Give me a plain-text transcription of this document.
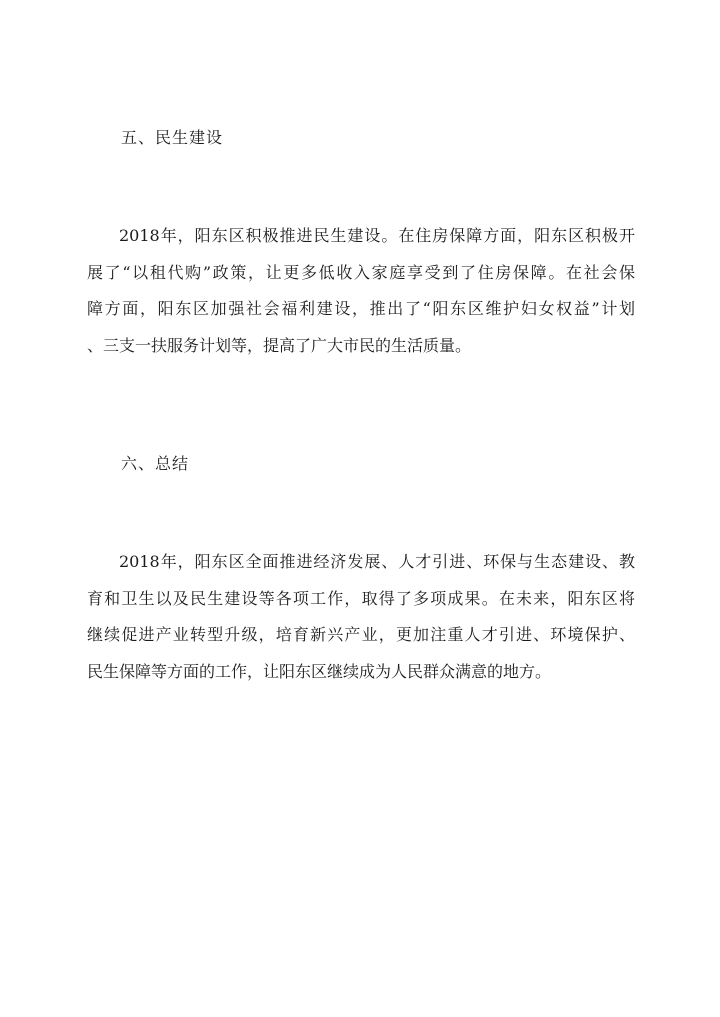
五、民生建设
2018年，阳东区积极推进民生建设。在住房保障方面，阳东区积极开
展了“以租代购”政策，让更多低收入家庭享受到了住房保障。在社会保
障方面，阳东区加强社会福利建设，推出了“阳东区维护妇女权益”计划
、三支一扶服务计划等，提高了广大市民的生活质量。
六、总结
2018年，阳东区全面推进经济发展、人才引进、环保与生态建设、教
育和卫生以及民生建设等各项工作，取得了多项成果。在未来，阳东区将
继续促进产业转型升级，培育新兴产业，更加注重人才引进、环境保护、
民生保障等方面的工作，让阳东区继续成为人民群众满意的地方。
